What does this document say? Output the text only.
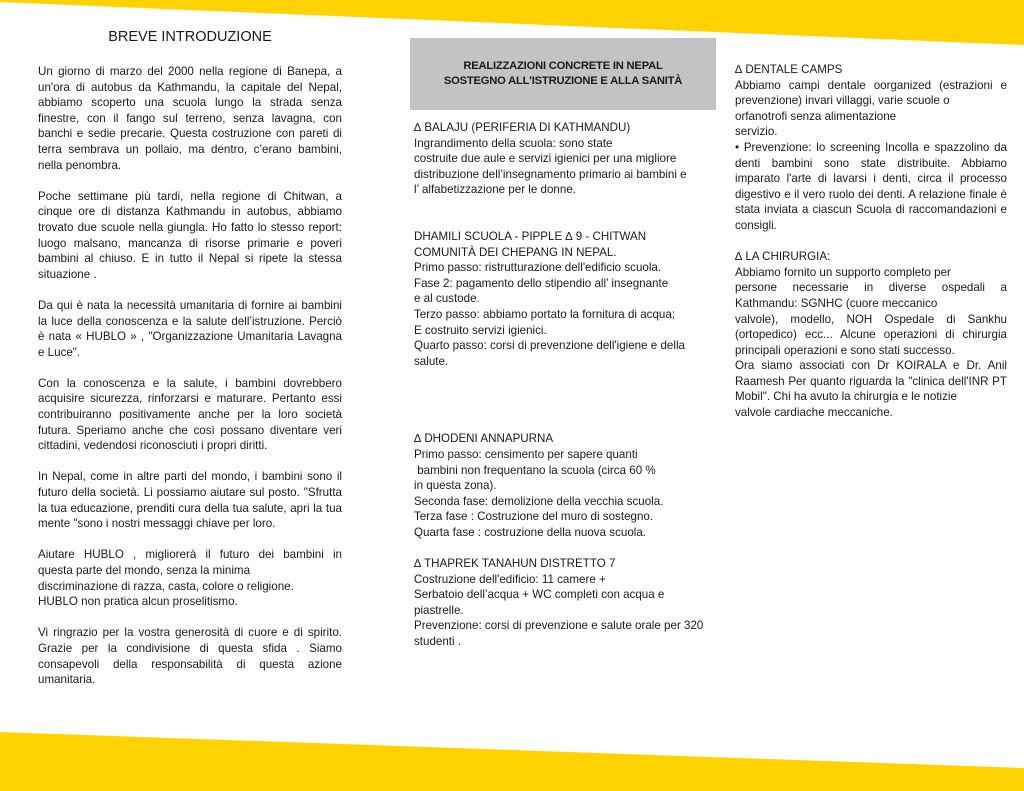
BREVE INTRODUZIONE

Un giorno di marzo del 2000 nella regione di Banepa, a un'ora di autobus da Kathmandu, la capitale del Nepal, abbiamo scoperto una scuola lungo la strada senza finestre, con il fango sul terreno, senza lavagna, con banchi e sedie precarie. Questa costruzione con pareti di terra sembrava un pollaio, ma dentro, c’erano bambini, nella penombra.

Poche settimane più tardi, nella regione di Chitwan, a cinque ore di distanza Kathmandu in autobus, abbiamo trovato due scuole nella giungla. Ho fatto lo stesso report: luogo malsano, mancanza di risorse primarie e poveri bambini al chiuso. E in tutto il Nepal si ripete la stessa situazione .

Da qui è nata la necessità umanitaria di fornire ai bambini la luce della conoscenza e la salute dell’istruzione. Perciò è nata « HUBLO » , "Organizzazione Umanitaria Lavagna e Luce".

Con la conoscenza e la salute, i bambini dovrebbero acquisire sicurezza, rinforzarsi e maturare. Pertanto essi contribuiranno positivamente anche per la loro società futura. Speriamo anche che così possano diventare veri cittadini, vedendosi riconosciuti i propri diritti.

In Nepal, come in altre parti del mondo, i bambini sono il futuro della società. Li possiamo aiutare sul posto. "Sfrutta la tua educazione, prenditi cura della tua salute, apri la tua mente "sono i nostri messaggi chiave per loro.

Aiutare HUBLO , migliorerà il futuro dei bambini in
questa parte del mondo, senza la minima
discriminazione di razza, casta, colore o religione.
HUBLO non pratica alcun proselitismo.

Vi ringrazio per la vostra generosità di cuore e di spirito. Grazie per la condivisione di questa sfida . Siamo consapevoli della responsabilità di questa azione umanitaria.

REALIZZAZIONI CONCRETE IN NEPAL
SOSTEGNO ALL'ISTRUZIONE E ALLA SANITÀ
∆ BALAJU (PERIFERIA DI KATHMANDU)
Ingrandimento della scuola: sono state
costruite due aule e servizi igienici per una migliore
distribuzione dell’insegnamento primario ai bambini e
l’ alfabetizzazione per le donne.
DHAMILI SCUOLA - PIPPLE ∆ 9 - CHITWAN
COMUNITÀ DEI CHEPANG IN NEPAL.
Primo passo: ristrutturazione dell'edificio scuola.
Fase 2: pagamento dello stipendio all’ insegnante
e al custode.
Terzo passo: abbiamo portato la fornitura di acqua;
E costruito servizi igienici.
Quarto passo: corsi di prevenzione dell'igiene e della
salute.
∆ DHODENI ANNAPURNA
Primo passo: censimento per sapere quanti
bambini non frequentano la scuola (circa 60 %
in questa zona).
Seconda fase: demolizione della vecchia scuola.
Terza fase : Costruzione del muro di sostegno.
Quarta fase : costruzione della nuova scuola.
∆ THAPREK TANAHUN DISTRETTO 7
Costruzione dell'edificio: 11 camere +
Serbatoio dell’acqua + WC completi con acqua e
piastrelle.
Prevenzione: corsi di prevenzione e salute orale per 320
studenti .
∆ DENTALE CAMPS
Abbiamo campi dentale oorganized (estrazioni e prevenzione) invari villaggi, varie scuole o
orfanotrofi senza alimentazione
servizio.
• Prevenzione: lo screening Incolla e spazzolino da denti bambini sono state distribuite. Abbiamo imparato l'arte di lavarsi i denti, circa il processo digestivo e il vero ruolo dei denti. A relazione finale è stata inviata a ciascun Scuola di raccomandazioni e consigli.
∆ LA CHIRURGIA:
Abbiamo fornito un supporto completo per
persone necessarie in diverse ospedali a Kathmandu: SGNHC (cuore meccanico
valvole), modello, NOH Ospedale di Sankhu (ortopedico) ecc... Alcune operazioni di chirurgia principali operazioni e sono stati successo.
Ora siamo associati con Dr KOIRALA e Dr. Anil Raamesh Per quanto riguarda la "clinica dell'INR PT Mobil". Chi ha avuto la chirurgia e le notizie
valvole cardiache meccaniche.
